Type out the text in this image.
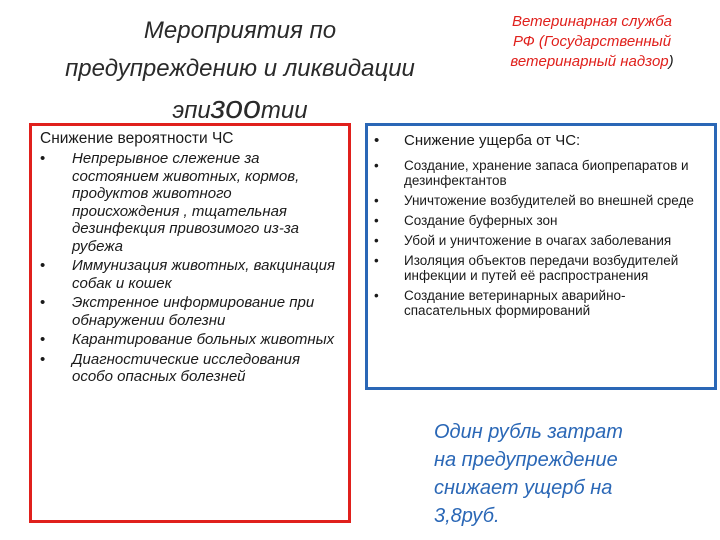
Мероприятия по
предупреждению и ликвидации
эпизоотии
Ветеринарная служба
РФ (Государственный
ветеринарный надзор)
Снижение вероятности ЧС
• Непрерывное слежение за состоянием животных, кормов, продуктов животного происхождения , тщательная дезинфекция привозимого из-за рубежа
• Иммунизация животных, вакцинация собак и кошек
• Экстренное информирование при обнаружении болезни
• Карантирование больных животных
• Диагностические исследования особо опасных болезней
• Снижение ущерба от ЧС:
• Создание, хранение запаса биопрепаратов и дезинфектантов
• Уничтожение возбудителей во внешней среде
• Создание буферных зон
• Убой и уничтожение в очагах заболевания
• Изоляция объектов передачи возбудителей инфекции и путей её распространения
• Создание ветеринарных аварийно-спасательных формирований
Один рубль затрат
на предупреждение
снижает ущерб на
3,8руб.
